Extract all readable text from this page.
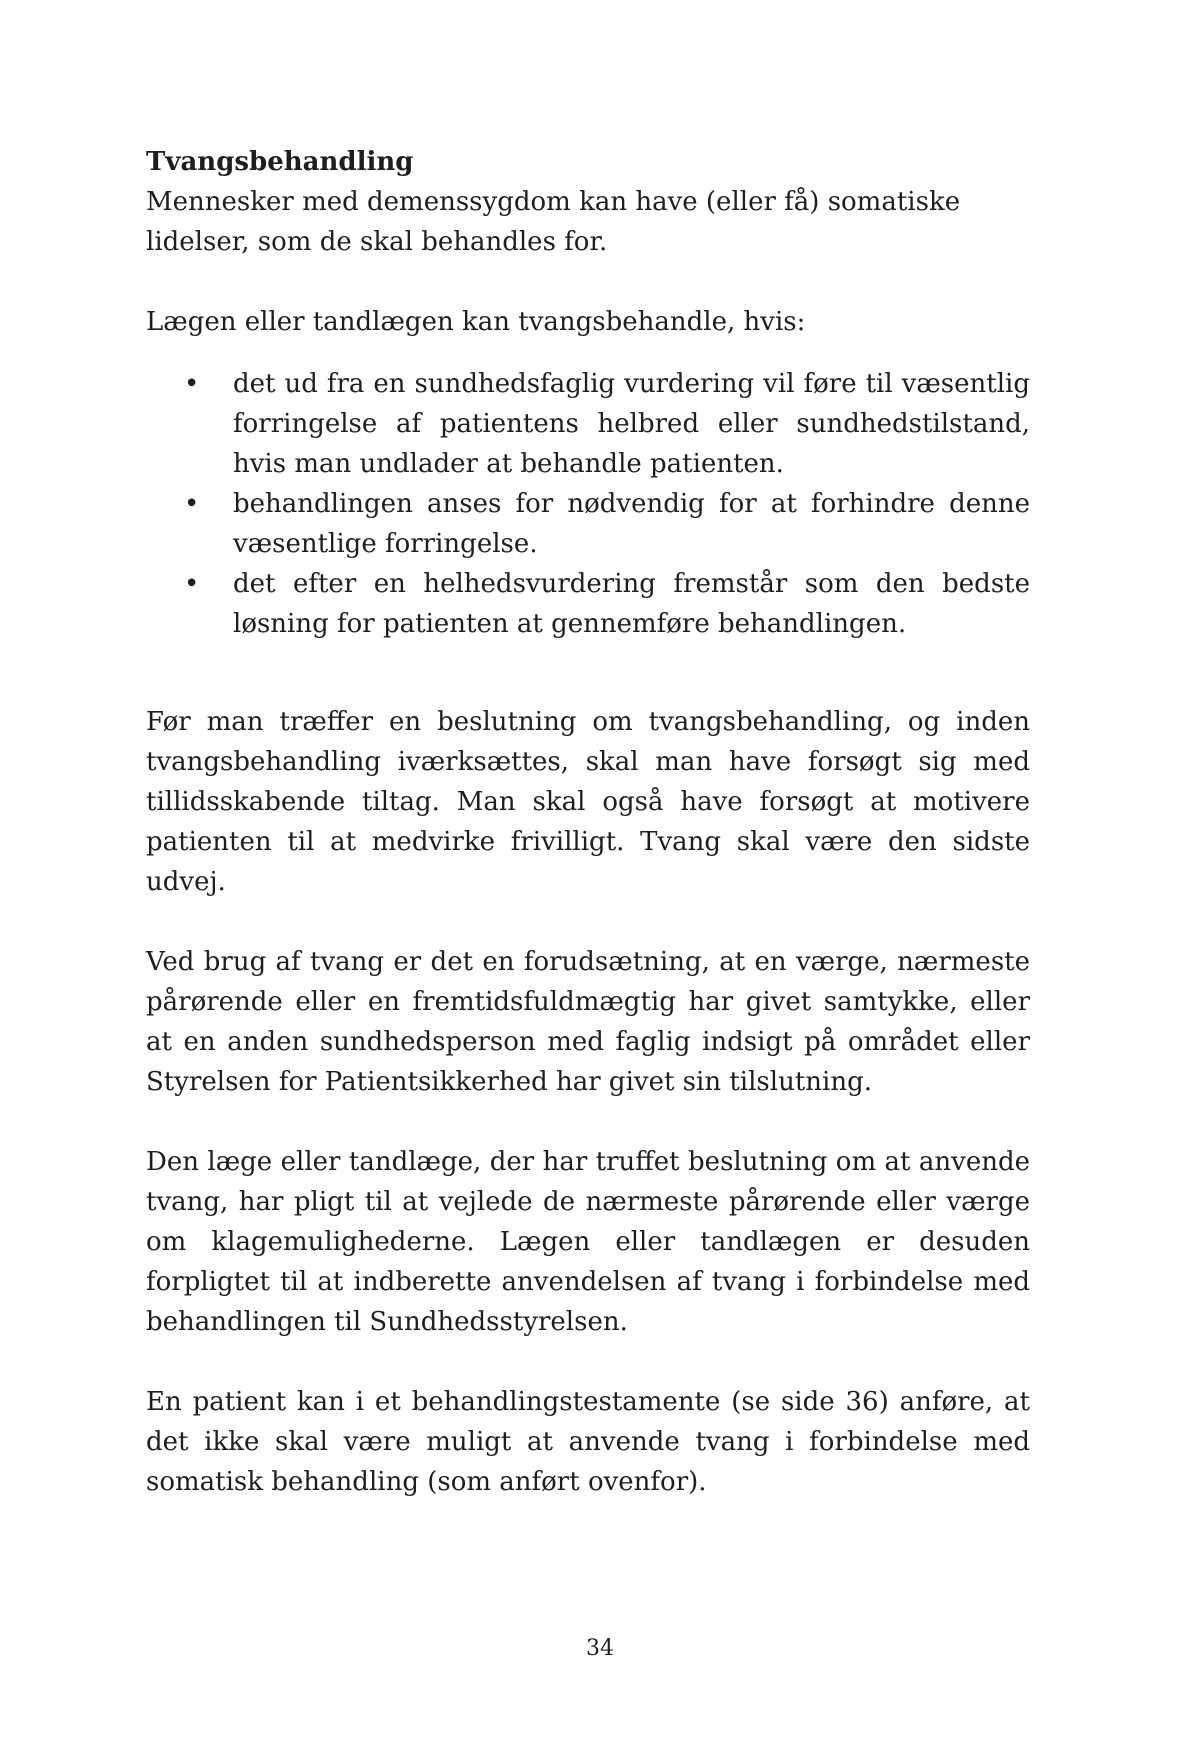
Tvangsbehandling

Mennesker med demenssygdom kan have (eller få) somatiske lidelser, som de skal behandles for.

Lægen eller tandlægen kan tvangsbehandle, hvis:

• det ud fra en sundhedsfaglig vurdering vil føre til væsentlig forringelse af patientens helbred eller sundhedstilstand, hvis man undlader at behandle patienten.
• behandlingen anses for nødvendig for at forhindre denne væsentlige forringelse.
• det efter en helhedsvurdering fremstår som den bedste løsning for patienten at gennemføre behandlingen.

Før man træffer en beslutning om tvangsbehandling, og inden tvangsbehandling iværksættes, skal man have forsøgt sig med tillidsskabende tiltag. Man skal også have forsøgt at motivere patienten til at medvirke frivilligt. Tvang skal være den sidste udvej.

Ved brug af tvang er det en forudsætning, at en værge, nærmeste pårørende eller en fremtidsfuldmægtig har givet samtykke, eller at en anden sundhedsperson med faglig indsigt på området eller Styrelsen for Patientsikkerhed har givet sin tilslutning.

Den læge eller tandlæge, der har truffet beslutning om at anvende tvang, har pligt til at vejlede de nærmeste pårørende eller værge om klagemulighederne. Lægen eller tandlægen er desuden forpligtet til at indberette anvendelsen af tvang i forbindelse med behandlingen til Sundhedsstyrelsen.

En patient kan i et behandlingstestamente (se side 36) anføre, at det ikke skal være muligt at anvende tvang i forbindelse med somatisk behandling (som anført ovenfor).

34
